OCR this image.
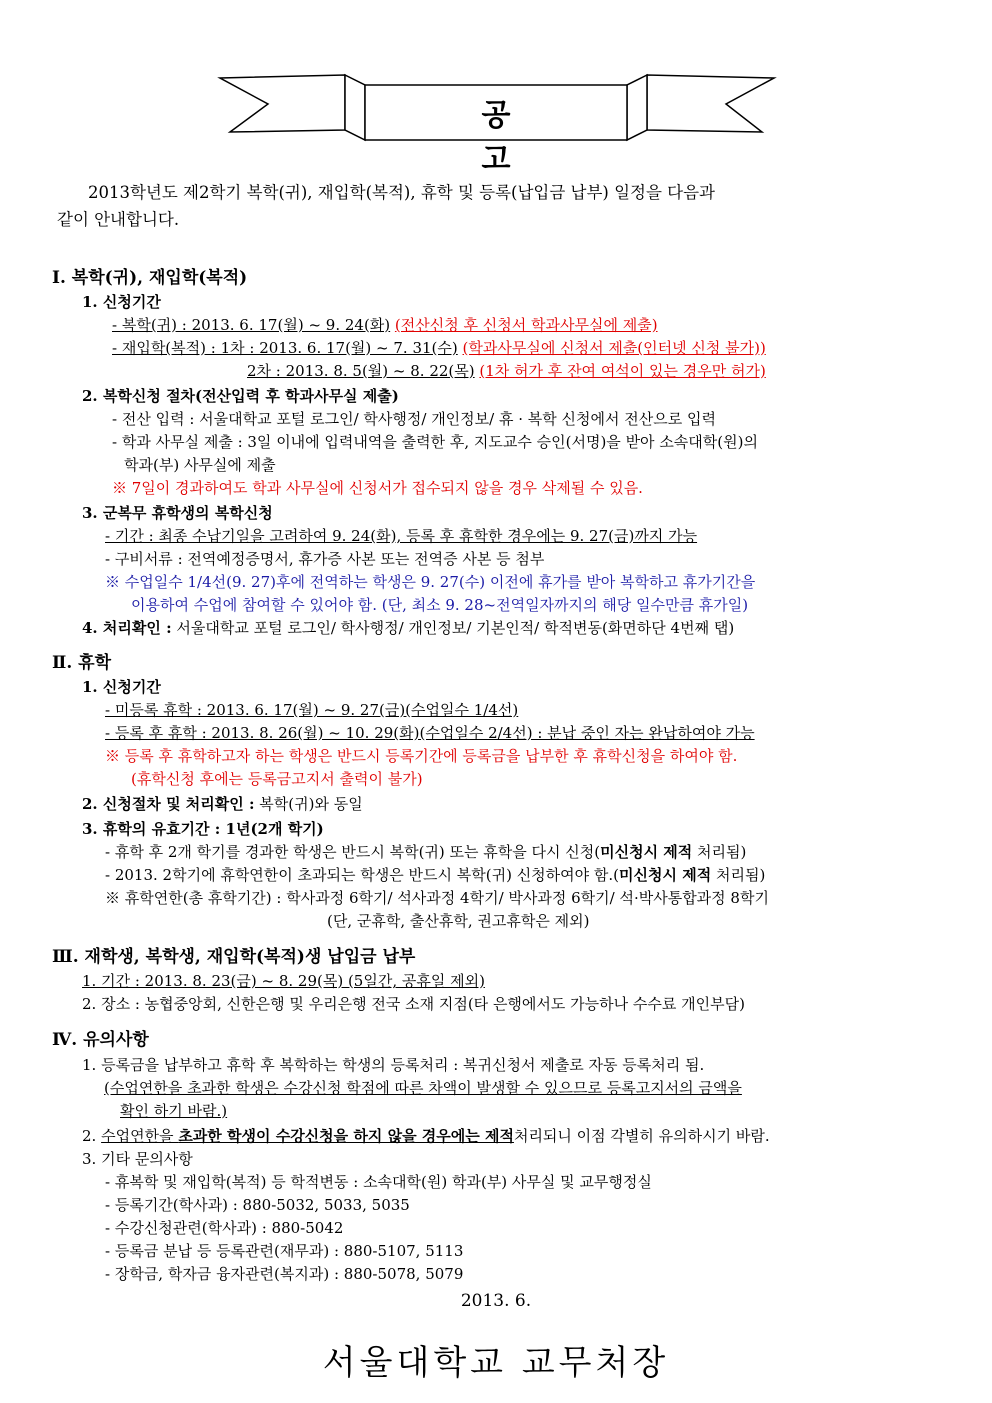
공 고
2013학년도 제2학기 복학(귀), 재입학(복적), 휴학 및 등록(납입금 납부) 일정을 다음과
같이 안내합니다.
Ⅰ. 복학(귀), 재입학(복적)
1. 신청기간
- 복학(귀) : 2013. 6. 17(월) ~ 9. 24(화) (전산신청 후 신청서 학과사무실에 제출)
- 재입학(복적) : 1차 : 2013. 6. 17(월) ~ 7. 31(수) (학과사무실에 신청서 제출(인터넷 신청 불가))
2차 : 2013. 8. 5(월) ~ 8. 22(목) (1차 허가 후 잔여 여석이 있는 경우만 허가)
2. 복학신청 절차(전산입력 후 학과사무실 제출)
- 전산 입력 : 서울대학교 포털 로그인/ 학사행정/ 개인정보/ 휴 · 복학 신청에서 전산으로 입력
- 학과 사무실 제출 : 3일 이내에 입력내역을 출력한 후, 지도교수 승인(서명)을 받아 소속대학(원)의
학과(부) 사무실에 제출
※ 7일이 경과하여도 학과 사무실에 신청서가 접수되지 않을 경우 삭제될 수 있음.
3. 군복무 휴학생의 복학신청
- 기간 : 최종 수납기일을 고려하여 9. 24(화), 등록 후 휴학한 경우에는 9. 27(금)까지 가능
- 구비서류 : 전역예정증명서, 휴가증 사본 또는 전역증 사본 등 첨부
※ 수업일수 1/4선(9. 27)후에 전역하는 학생은 9. 27(수) 이전에 휴가를 받아 복학하고 휴가기간을
이용하여 수업에 참여할 수 있어야 함. (단, 최소 9. 28~전역일자까지의 해당 일수만큼 휴가일)
4. 처리확인 : 서울대학교 포털 로그인/ 학사행정/ 개인정보/ 기본인적/ 학적변동(화면하단 4번째 탭)
Ⅱ. 휴학
1. 신청기간
- 미등록 휴학 : 2013. 6. 17(월) ~ 9. 27(금)(수업일수 1/4선)
- 등록 후 휴학 : 2013. 8. 26(월) ~ 10. 29(화)(수업일수 2/4선) : 분납 중인 자는 완납하여야 가능
※ 등록 후 휴학하고자 하는 학생은 반드시 등록기간에 등록금을 납부한 후 휴학신청을 하여야 함.
(휴학신청 후에는 등록금고지서 출력이 불가)
2. 신청절차 및 처리확인 : 복학(귀)와 동일
3. 휴학의 유효기간 : 1년(2개 학기)
- 휴학 후 2개 학기를 경과한 학생은 반드시 복학(귀) 또는 휴학을 다시 신청(미신청시 제적 처리됨)
- 2013. 2학기에 휴학연한이 초과되는 학생은 반드시 복학(귀) 신청하여야 함.(미신청시 제적 처리됨)
※ 휴학연한(총 휴학기간) : 학사과정 6학기/ 석사과정 4학기/ 박사과정 6학기/ 석·박사통합과정 8학기
(단, 군휴학, 출산휴학, 권고휴학은 제외)
Ⅲ. 재학생, 복학생, 재입학(복적)생 납입금 납부
1. 기간 : 2013. 8. 23(금) ~ 8. 29(목) (5일간, 공휴일 제외)
2. 장소 : 농협중앙회, 신한은행 및 우리은행 전국 소재 지점(타 은행에서도 가능하나 수수료 개인부담)
Ⅳ. 유의사항
1. 등록금을 납부하고 휴학 후 복학하는 학생의 등록처리 : 복귀신청서 제출로 자동 등록처리 됨.
(수업연한을 초과한 학생은 수강신청 학점에 따른 차액이 발생할 수 있으므로 등록고지서의 금액을
확인 하기 바람.)
2. 수업연한을 초과한 학생이 수강신청을 하지 않을 경우에는 제적처리되니 이점 각별히 유의하시기 바람.
3. 기타 문의사항
- 휴복학 및 재입학(복적) 등 학적변동 : 소속대학(원) 학과(부) 사무실 및 교무행정실
- 등록기간(학사과) : 880-5032, 5033, 5035
- 수강신청관련(학사과) : 880-5042
- 등록금 분납 등 등록관련(재무과) : 880-5107, 5113
- 장학금, 학자금 융자관련(복지과) : 880-5078, 5079
2013. 6.
서울대학교 교무처장
